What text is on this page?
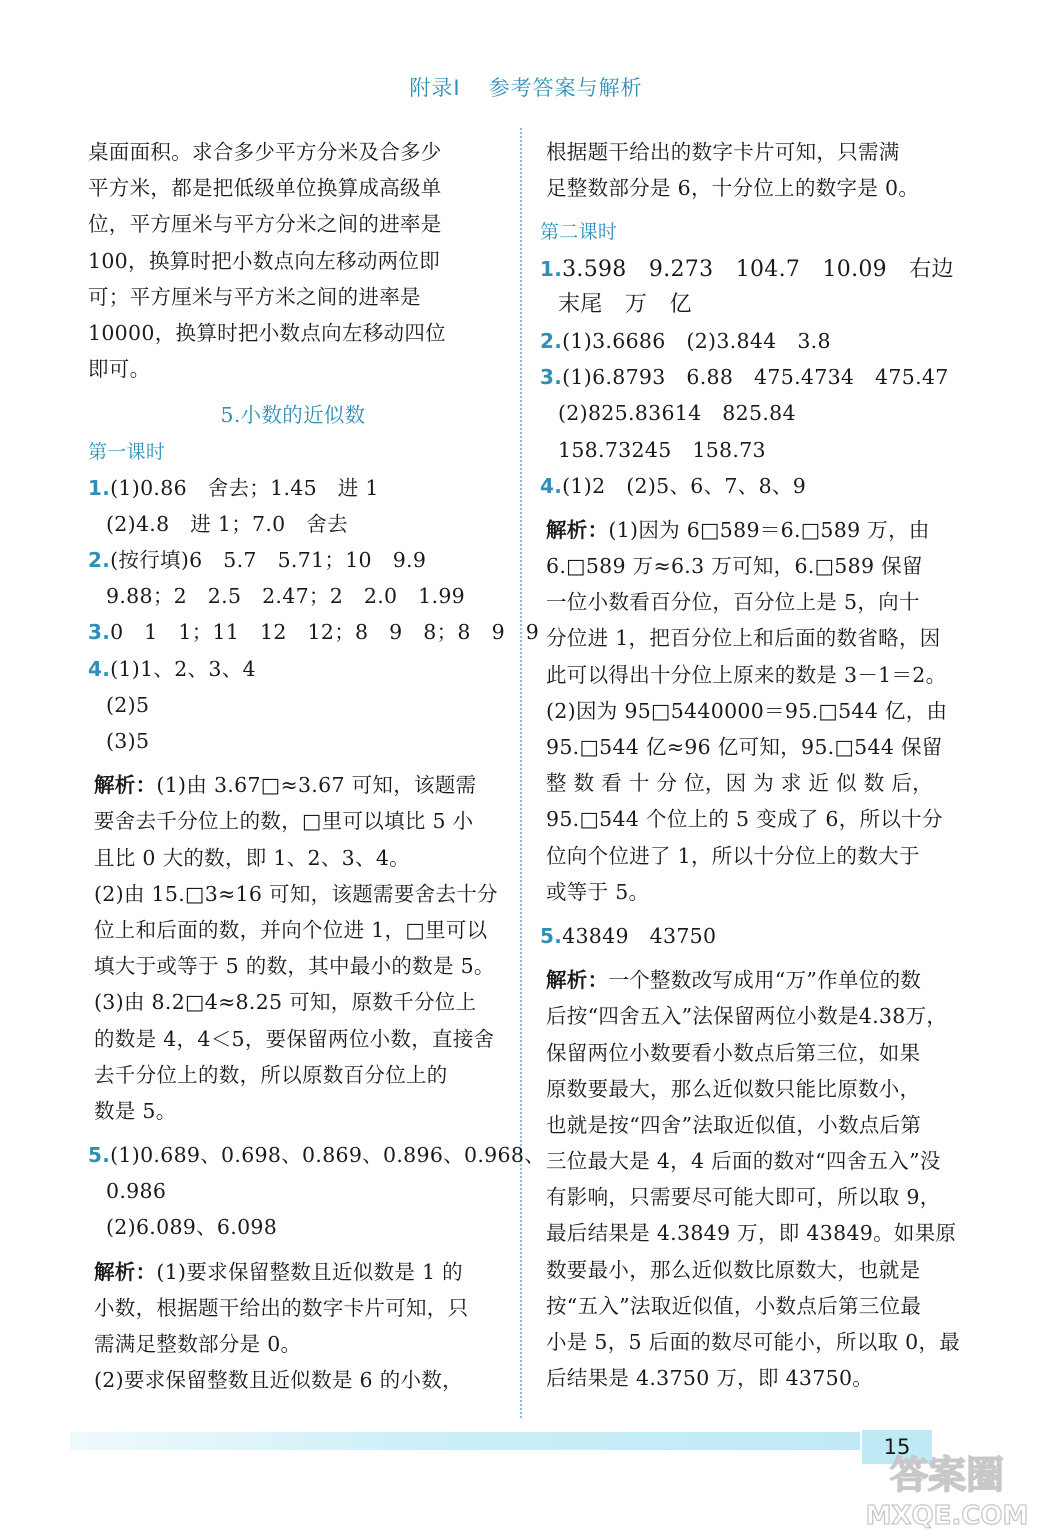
附录Ⅰ 参考答案与解析
桌面面积。求合多少平方分米及合多少
平方米，都是把低级单位换算成高级单
位，平方厘米与平方分米之间的进率是
100，换算时把小数点向左移动两位即
可；平方厘米与平方米之间的进率是
10000，换算时把小数点向左移动四位
即可。
5.小数的近似数
第一课时
1.(1)0.86　舍去；1.45　进 1
(2)4.8　进 1；7.0　舍去
2.(按行填)6　5.7　5.71；10　9.9
9.88；2　2.5　2.47；2　2.0　1.99
3.0　1　1；11　12　12；8　9　8；8　9　9
4.(1)1、2、3、4
(2)5
(3)5
解析：(1)由 3.67□≈3.67 可知，该题需
要舍去千分位上的数，□里可以填比 5 小
且比 0 大的数，即 1、2、3、4。
(2)由 15.□3≈16 可知，该题需要舍去十分
位上和后面的数，并向个位进 1，□里可以
填大于或等于 5 的数，其中最小的数是 5。
(3)由 8.2□4≈8.25 可知，原数千分位上
的数是 4，4＜5，要保留两位小数，直接舍
去千分位上的数，所以原数百分位上的
数是 5。
5.(1)0.689、0.698、0.869、0.896、0.968、
0.986
(2)6.089、6.098
解析：(1)要求保留整数且近似数是 1 的
小数，根据题干给出的数字卡片可知，只
需满足整数部分是 0。
(2)要求保留整数且近似数是 6 的小数，
根据题干给出的数字卡片可知，只需满
足整数部分是 6，十分位上的数字是 0。
第二课时
1.3.598　9.273　104.7　10.09　右边
末尾　万　亿
2.(1)3.6686　(2)3.844　3.8
3.(1)6.8793　6.88　475.4734　475.47
(2)825.83614　825.84
158.73245　158.73
4.(1)2　(2)5、6、7、8、9
解析：(1)因为 6□589＝6.□589 万，由
6.□589 万≈6.3 万可知，6.□589 保留
一位小数看百分位，百分位上是 5，向十
分位进 1，把百分位上和后面的数省略，因
此可以得出十分位上原来的数是 3－1＝2。
(2)因为 95□5440000＝95.□544 亿，由
95.□544 亿≈96 亿可知，95.□544 保留
整 数 看 十 分 位，因 为 求 近 似 数 后，
95.□544 个位上的 5 变成了 6，所以十分
位向个位进了 1，所以十分位上的数大于
或等于 5。
5.43849　43750
解析：一个整数改写成用“万”作单位的数
后按“四舍五入”法保留两位小数是4.38万，
保留两位小数要看小数点后第三位，如果
原数要最大，那么近似数只能比原数小，
也就是按“四舍”法取近似值，小数点后第
三位最大是 4，4 后面的数对“四舍五入”没
有影响，只需要尽可能大即可，所以取 9，
最后结果是 4.3849 万，即 43849。如果原
数要最小，那么近似数比原数大，也就是
按“五入”法取近似值，小数点后第三位最
小是 5，5 后面的数尽可能小，所以取 0，最
后结果是 4.3750 万，即 43750。
15
答案圈
MXQE.COM
